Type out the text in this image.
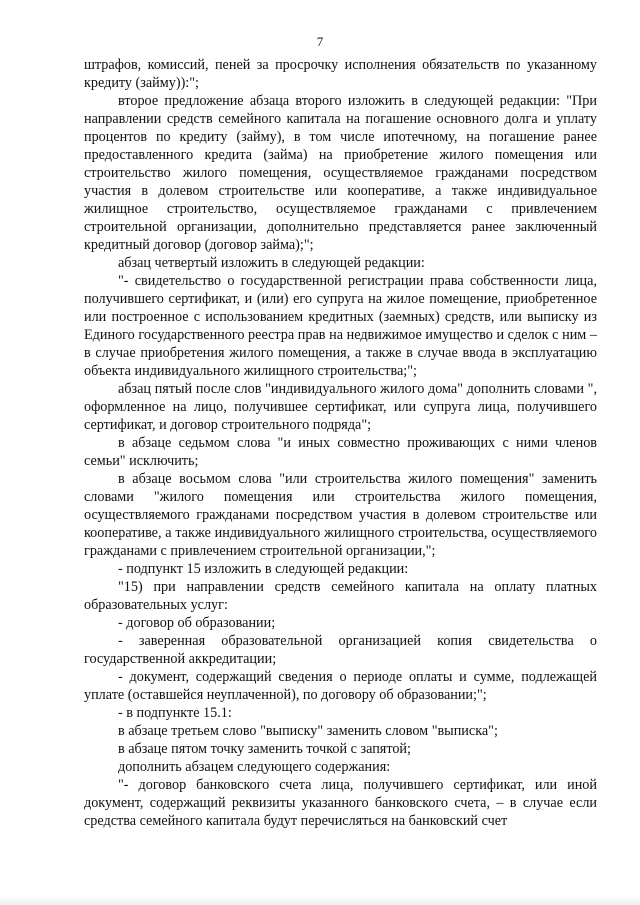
7

штрафов, комиссий, пеней за просрочку исполнения обязательств по указанному кредиту (займу)):";

второе предложение абзаца второго изложить в следующей редакции: "При направлении средств семейного капитала на погашение основного долга и уплату процентов по кредиту (займу), в том числе ипотечному, на погашение ранее предоставленного кредита (займа) на приобретение жилого помещения или строительство жилого помещения, осуществляемое гражданами посредством участия в долевом строительстве или кооперативе, а также индивидуальное жилищное строительство, осуществляемое гражданами с привлечением строительной организации, дополнительно представляется ранее заключенный кредитный договор (договор займа);";

абзац четвертый изложить в следующей редакции:

"- свидетельство о государственной регистрации права собственности лица, получившего сертификат, и (или) его супруга на жилое помещение, приобретенное или построенное с использованием кредитных (заемных) средств, или выписку из Единого государственного реестра прав на недвижимое имущество и сделок с ним – в случае приобретения жилого помещения, а также в случае ввода в эксплуатацию объекта индивидуального жилищного строительства;";

абзац пятый после слов "индивидуального жилого дома" дополнить словами ", оформленное на лицо, получившее сертификат, или супруга лица, получившего сертификат, и договор строительного подряда";

в абзаце седьмом слова "и иных совместно проживающих с ними членов семьи" исключить;

в абзаце восьмом слова "или строительства жилого помещения" заменить словами "жилого помещения или строительства жилого помещения, осуществляемого гражданами посредством участия в долевом строительстве или кооперативе, а также индивидуального жилищного строительства, осуществляемого гражданами с привлечением строительной организации,";

- подпункт 15 изложить в следующей редакции:

"15) при направлении средств семейного капитала на оплату платных образовательных услуг:

- договор об образовании;

- заверенная образовательной организацией копия свидетельства о государственной аккредитации;

- документ, содержащий сведения о периоде оплаты и сумме, подлежащей уплате (оставшейся неуплаченной), по договору об образовании;";

- в подпункте 15.1:

в абзаце третьем слово "выписку" заменить словом "выписка";

в абзаце пятом точку заменить точкой с запятой;

дополнить абзацем следующего содержания:

"- договор банковского счета лица, получившего сертификат, или иной документ, содержащий реквизиты указанного банковского счета, – в случае если средства семейного капитала будут перечисляться на банковский счет
